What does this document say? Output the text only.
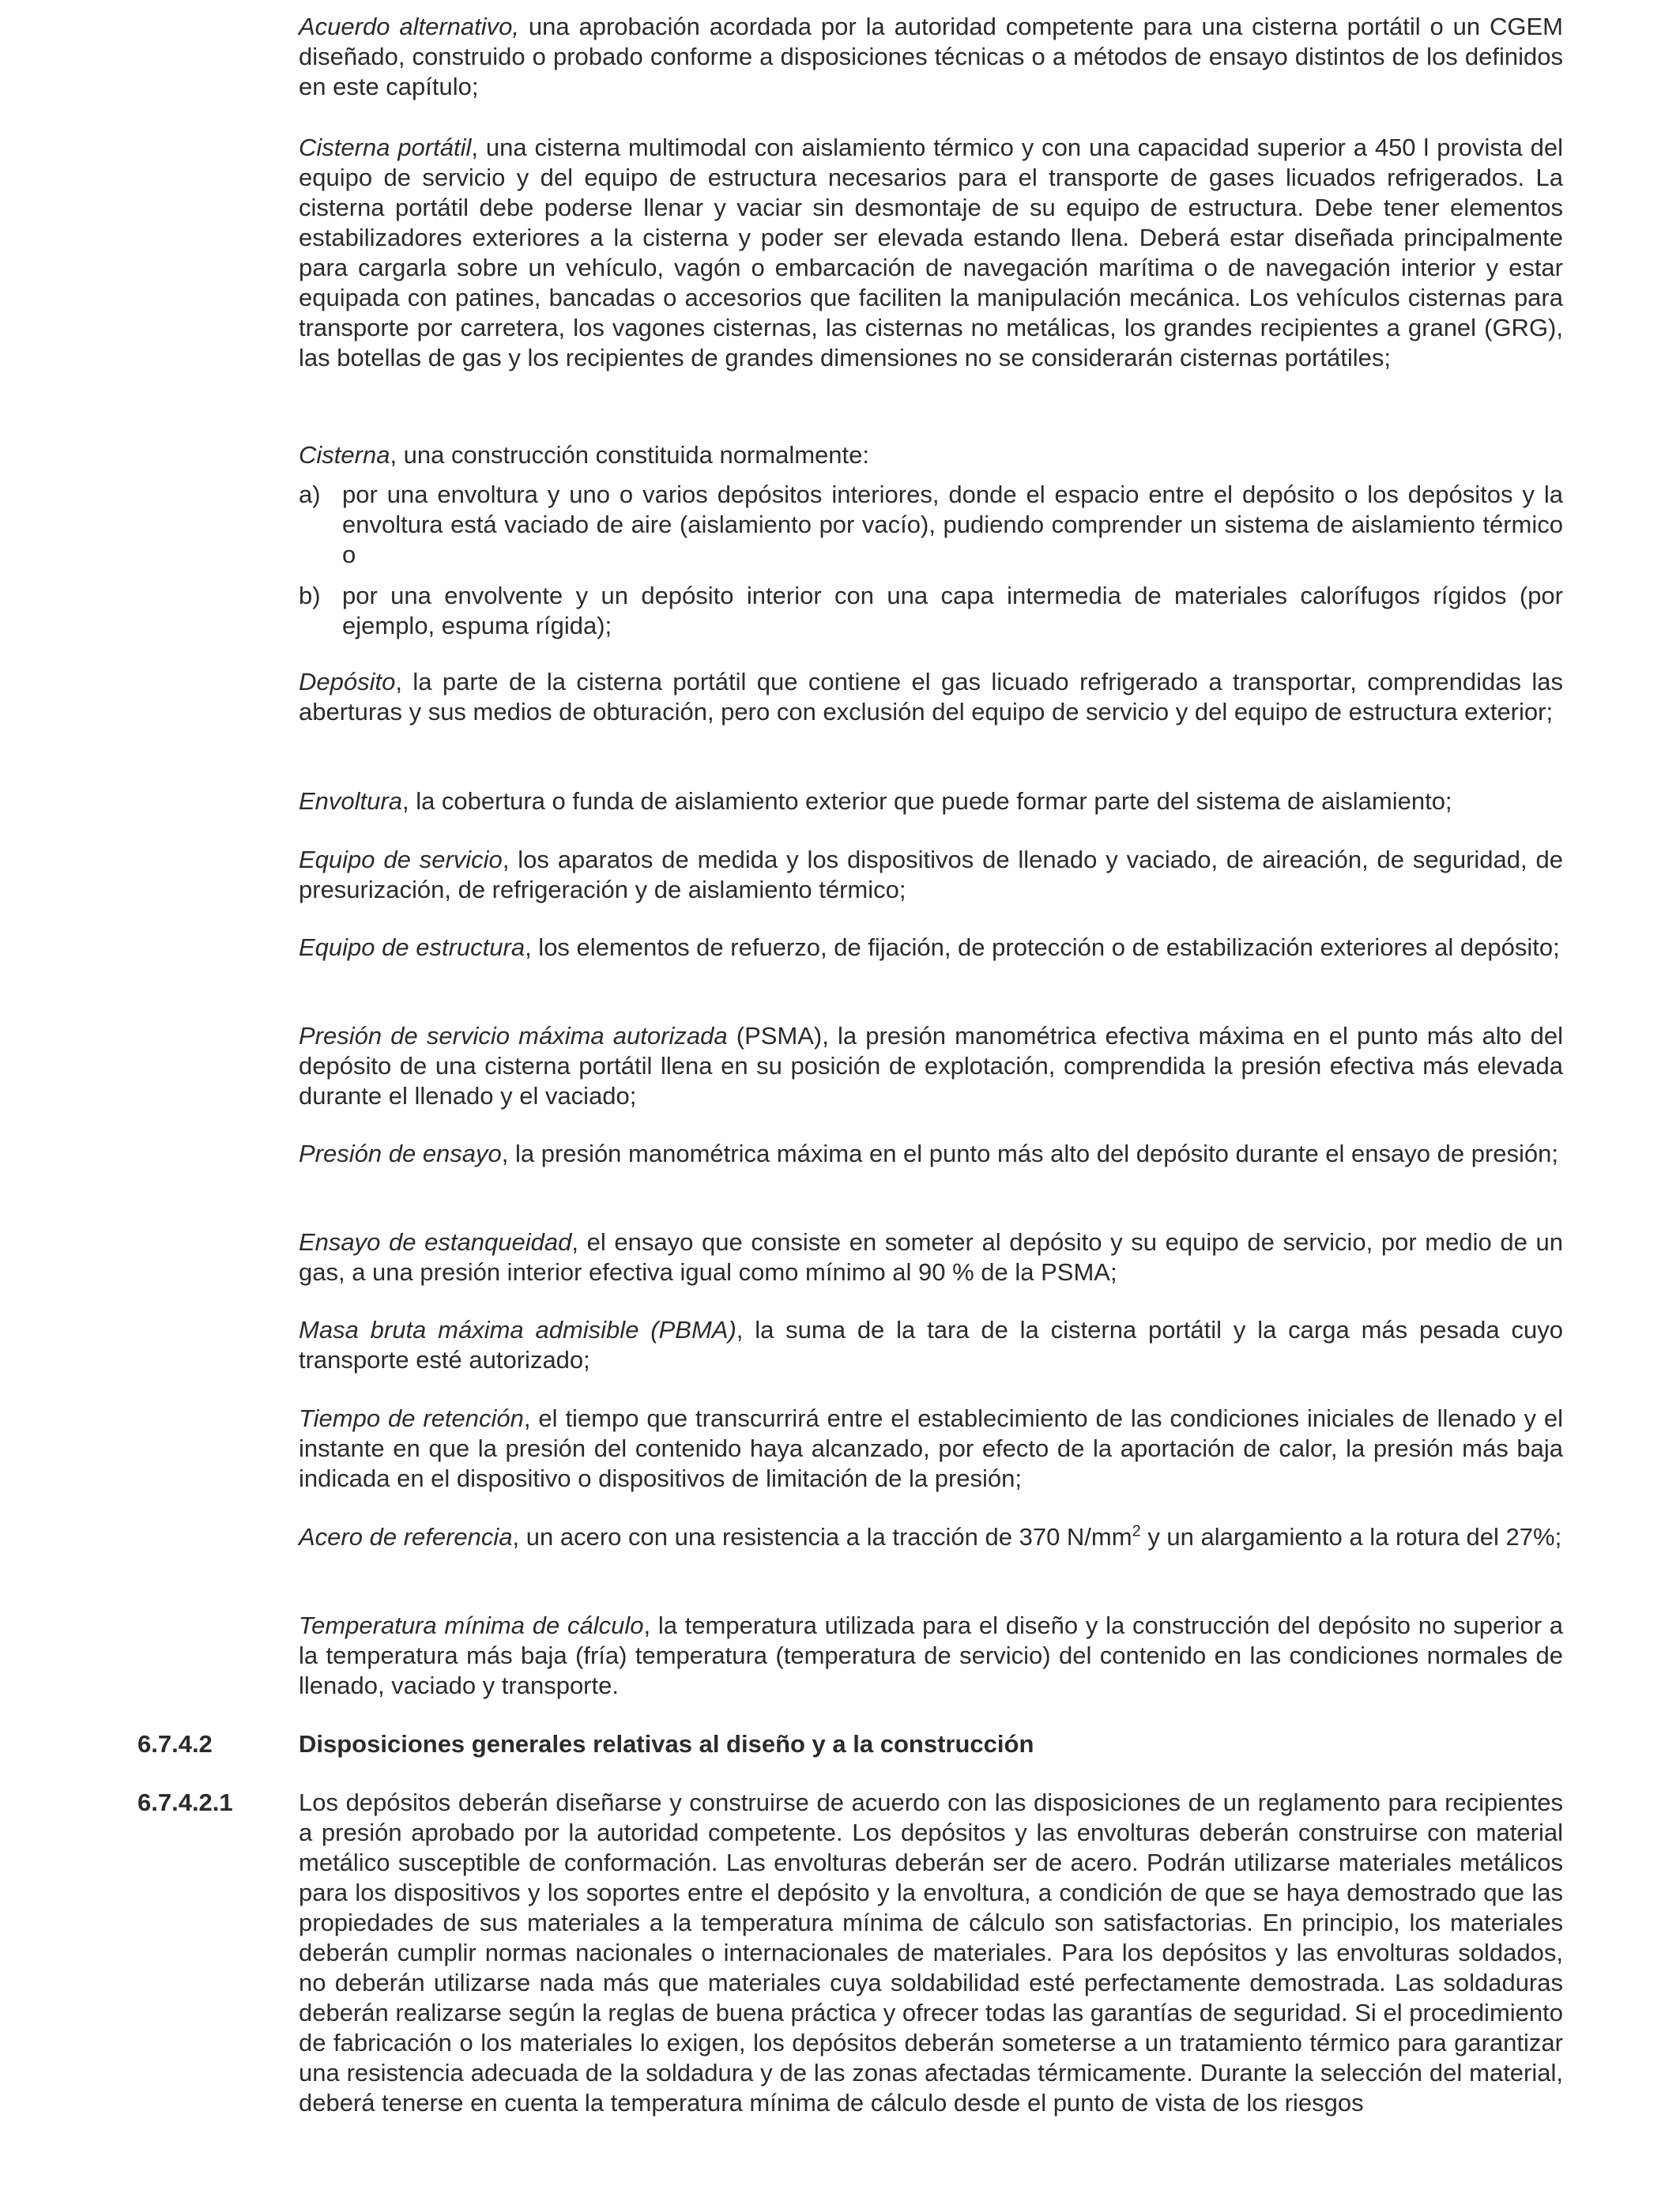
Acuerdo alternativo, una aprobación acordada por la autoridad competente para una cisterna portátil o un CGEM diseñado, construido o probado conforme a disposiciones técnicas o a métodos de ensayo distintos de los definidos en este capítulo;

Cisterna portátil, una cisterna multimodal con aislamiento térmico y con una capacidad superior a 450 l provista del equipo de servicio y del equipo de estructura necesarios para el transporte de gases licuados refrigerados. La cisterna portátil debe poderse llenar y vaciar sin desmontaje de su equipo de estructura. Debe tener elementos estabilizadores exteriores a la cisterna y poder ser elevada estando llena. Deberá estar diseñada principalmente para cargarla sobre un vehículo, vagón o embarcación de navegación marítima o de navegación interior y estar equipada con patines, bancadas o accesorios que faciliten la manipulación mecánica. Los vehículos cisternas para transporte por carretera, los vagones cisternas, las cisternas no metálicas, los grandes recipientes a granel (GRG), las botellas de gas y los recipientes de grandes dimensiones no se considerarán cisternas portátiles;

Cisterna, una construcción constituida normalmente:

a) por una envoltura y uno o varios depósitos interiores, donde el espacio entre el depósito o los depósitos y la envoltura está vaciado de aire (aislamiento por vacío), pudiendo comprender un sistema de aislamiento térmico o
b) por una envolvente y un depósito interior con una capa intermedia de materiales calorífugos rígidos (por ejemplo, espuma rígida);

Depósito, la parte de la cisterna portátil que contiene el gas licuado refrigerado a transportar, comprendidas las aberturas y sus medios de obturación, pero con exclusión del equipo de servicio y del equipo de estructura exterior;

Envoltura, la cobertura o funda de aislamiento exterior que puede formar parte del sistema de aislamiento;

Equipo de servicio, los aparatos de medida y los dispositivos de llenado y vaciado, de aireación, de seguridad, de presurización, de refrigeración y de aislamiento térmico;

Equipo de estructura, los elementos de refuerzo, de fijación, de protección o de estabilización exteriores al depósito;

Presión de servicio máxima autorizada (PSMA), la presión manométrica efectiva máxima en el punto más alto del depósito de una cisterna portátil llena en su posición de explotación, comprendida la presión efectiva más elevada durante el llenado y el vaciado;

Presión de ensayo, la presión manométrica máxima en el punto más alto del depósito durante el ensayo de presión;

Ensayo de estanqueidad, el ensayo que consiste en someter al depósito y su equipo de servicio, por medio de un gas, a una presión interior efectiva igual como mínimo al 90 % de la PSMA;

Masa bruta máxima admisible (PBMA), la suma de la tara de la cisterna portátil y la carga más pesada cuyo transporte esté autorizado;

Tiempo de retención, el tiempo que transcurrirá entre el establecimiento de las condiciones iniciales de llenado y el instante en que la presión del contenido haya alcanzado, por efecto de la aportación de calor, la presión más baja indicada en el dispositivo o dispositivos de limitación de la presión;

Acero de referencia, un acero con una resistencia a la tracción de 370 $N/mm^2$ y un alargamiento a la rotura del 27%;

Temperatura mínima de cálculo, la temperatura utilizada para el diseño y la construcción del depósito no superior a la temperatura más baja (fría) temperatura (temperatura de servicio) del contenido en las condiciones normales de llenado, vaciado y transporte.

6.7.4.2	Disposiciones generales relativas al diseño y a la construcción
6.7.4.2.1	Los depósitos deberán diseñarse y construirse de acuerdo con las disposiciones de un reglamento para recipientes a presión aprobado por la autoridad competente. Los depósitos y las envolturas deberán construirse con material metálico susceptible de conformación. Las envolturas deberán ser de acero. Podrán utilizarse materiales metálicos para los dispositivos y los soportes entre el depósito y la envoltura, a condición de que se haya demostrado que las propiedades de sus materiales a la temperatura mínima de cálculo son satisfactorias. En principio, los materiales deberán cumplir normas nacionales o internacionales de materiales. Para los depósitos y las envolturas soldados, no deberán utilizarse nada más que materiales cuya soldabilidad esté perfectamente demostrada. Las soldaduras deberán realizarse según la reglas de buena práctica y ofrecer todas las garantías de seguridad. Si el procedimiento de fabricación o los materiales lo exigen, los depósitos deberán someterse a un tratamiento térmico para garantizar una resistencia adecuada de la soldadura y de las zonas afectadas térmicamente. Durante la selección del material, deberá tenerse en cuenta la temperatura mínima de cálculo desde el punto de vista de los riesgos
